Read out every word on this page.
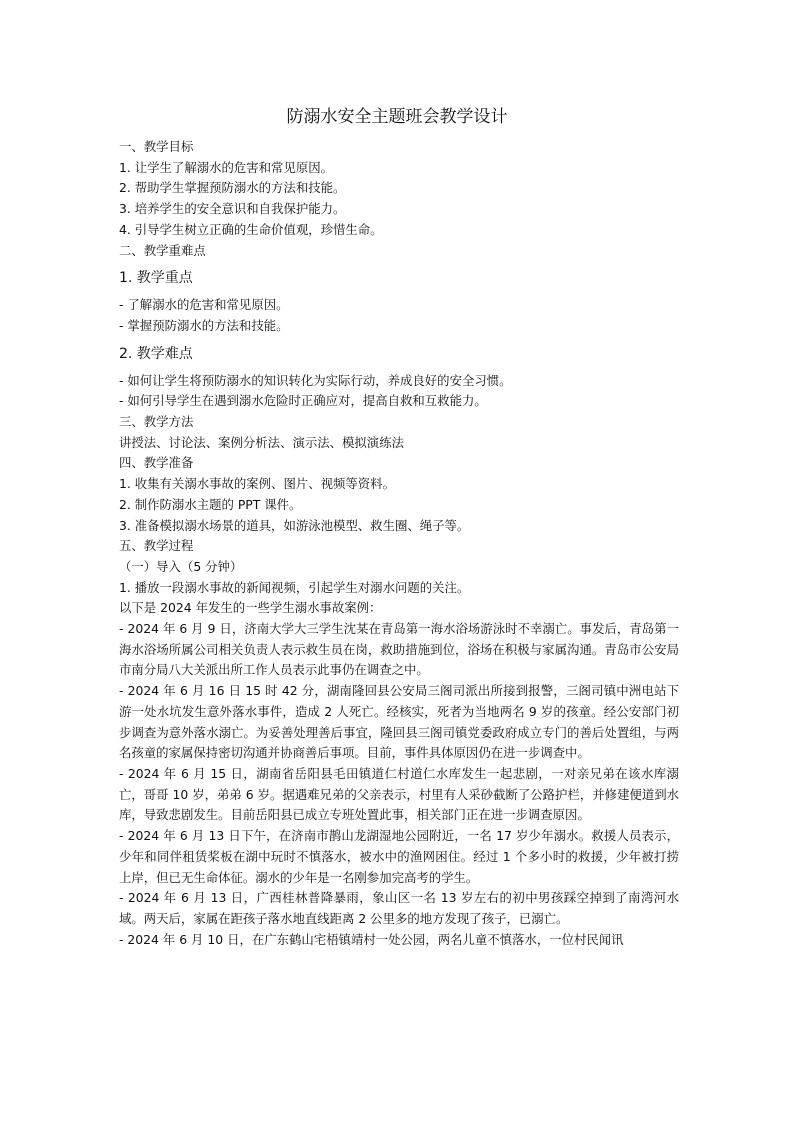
防溺水安全主题班会教学设计
一、教学目标
1. 让学生了解溺水的危害和常见原因。
2. 帮助学生掌握预防溺水的方法和技能。
3. 培养学生的安全意识和自我保护能力。
4. 引导学生树立正确的生命价值观，珍惜生命。
二、教学重难点
1. 教学重点
- 了解溺水的危害和常见原因。
- 掌握预防溺水的方法和技能。
2. 教学难点
- 如何让学生将预防溺水的知识转化为实际行动，养成良好的安全习惯。
- 如何引导学生在遇到溺水危险时正确应对，提高自救和互救能力。
三、教学方法
讲授法、讨论法、案例分析法、演示法、模拟演练法
四、教学准备
1. 收集有关溺水事故的案例、图片、视频等资料。
2. 制作防溺水主题的 PPT 课件。
3. 准备模拟溺水场景的道具，如游泳池模型、救生圈、绳子等。
五、教学过程
（一）导入（5 分钟）
1. 播放一段溺水事故的新闻视频，引起学生对溺水问题的关注。
以下是 2024 年发生的一些学生溺水事故案例：
- 2024 年 6 月 9 日，济南大学大三学生沈某在青岛第一海水浴场游泳时不幸溺亡。事发后，青岛第一海水浴场所属公司相关负责人表示救生员在岗，救助措施到位，浴场在积极与家属沟通。青岛市公安局市南分局八大关派出所工作人员表示此事仍在调查之中。
- 2024 年 6 月 16 日 15 时 42 分，湖南隆回县公安局三阁司派出所接到报警，三阁司镇中洲电站下游一处水坑发生意外落水事件，造成 2 人死亡。经核实，死者为当地两名 9 岁的孩童。经公安部门初步调查为意外落水溺亡。为妥善处理善后事宜，隆回县三阁司镇党委政府成立专门的善后处置组，与两名孩童的家属保持密切沟通并协商善后事项。目前，事件具体原因仍在进一步调查中。
- 2024 年 6 月 15 日，湖南省岳阳县毛田镇道仁村道仁水库发生一起悲剧，一对亲兄弟在该水库溺亡，哥哥 10 岁，弟弟 6 岁。据遇难兄弟的父亲表示，村里有人采砂截断了公路护栏，并修建便道到水库，导致悲剧发生。目前岳阳县已成立专班处置此事，相关部门正在进一步调查原因。
- 2024 年 6 月 13 日下午，在济南市鹊山龙湖湿地公园附近，一名 17 岁少年溺水。救援人员表示，少年和同伴租赁桨板在湖中玩时不慎落水，被水中的渔网困住。经过 1 个多小时的救援，少年被打捞上岸，但已无生命体征。溺水的少年是一名刚参加完高考的学生。
- 2024 年 6 月 13 日，广西桂林普降暴雨，象山区一名 13 岁左右的初中男孩踩空掉到了南湾河水域。两天后，家属在距孩子落水地直线距离 2 公里多的地方发现了孩子，已溺亡。
- 2024 年 6 月 10 日，在广东鹤山宅梧镇靖村一处公园，两名儿童不慎落水，一位村民闻讯
